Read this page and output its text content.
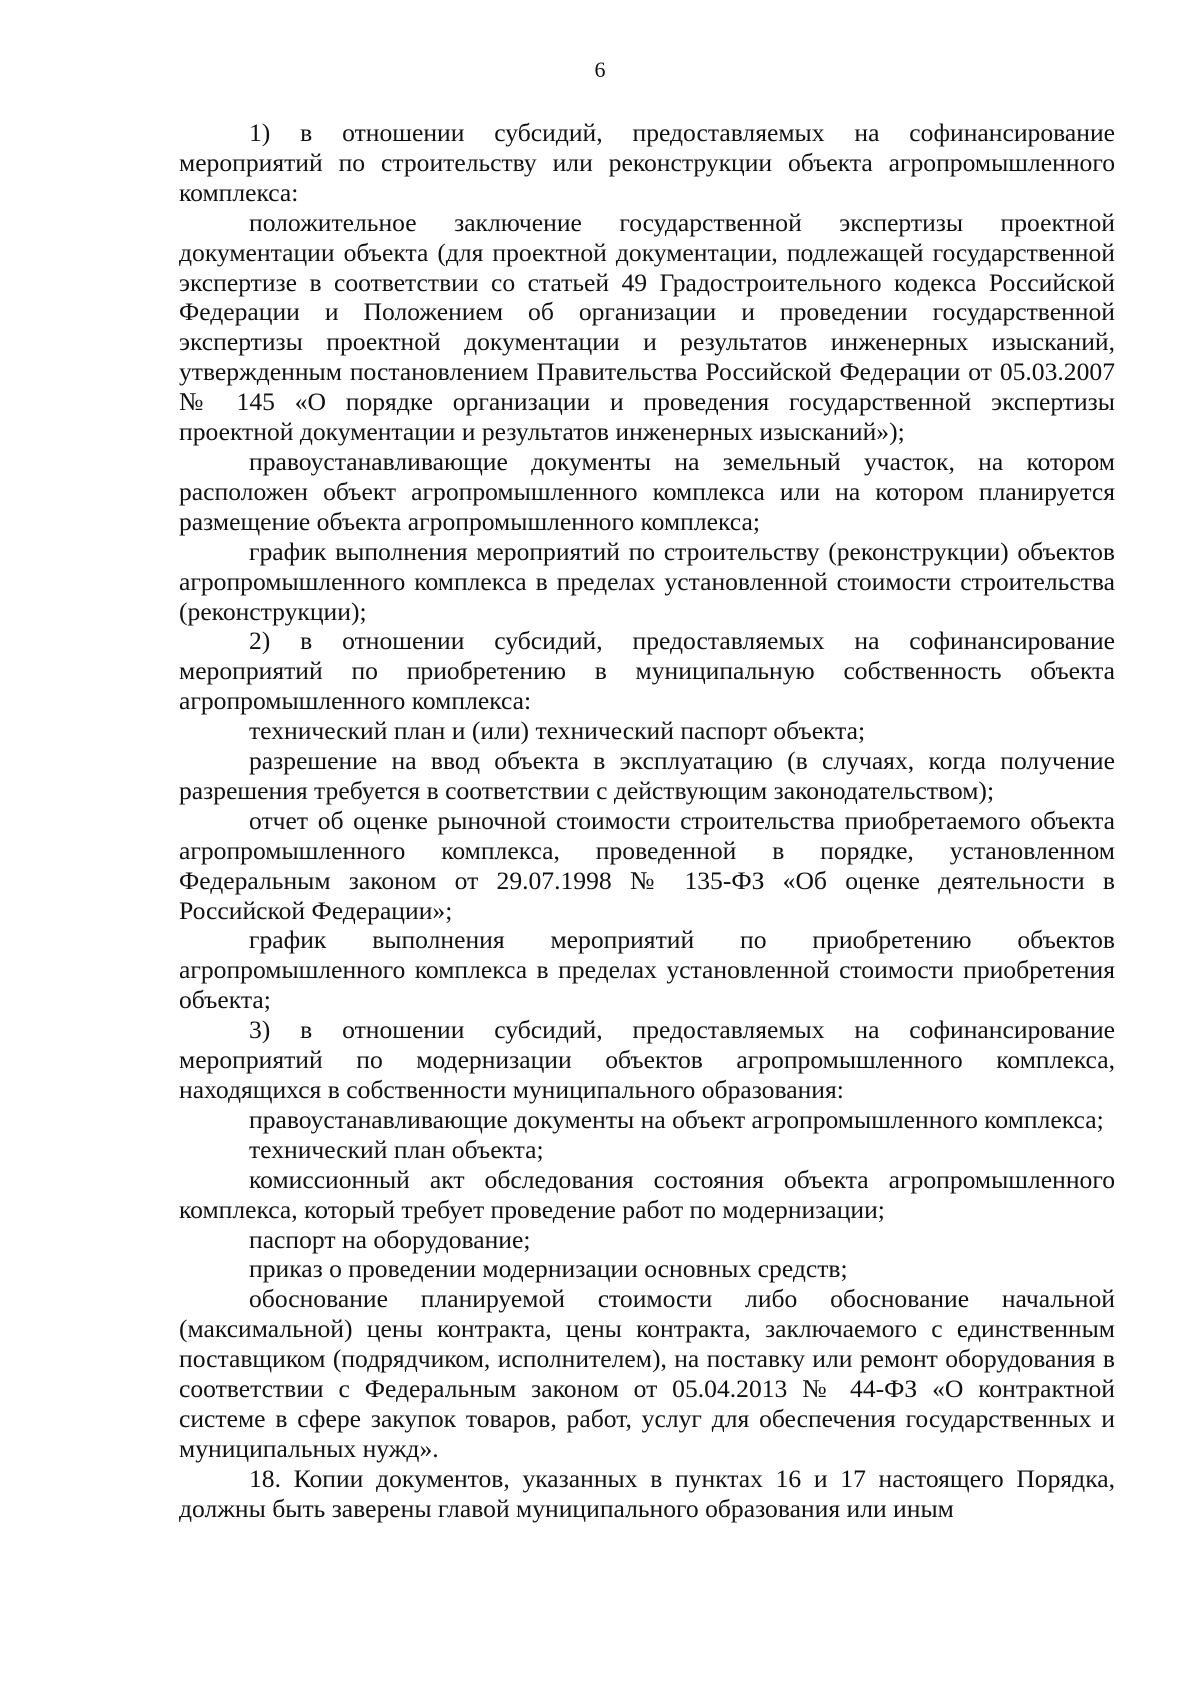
6

1) в отношении субсидий, предоставляемых на софинансирование мероприятий по строительству или реконструкции объекта агропромышленного комплекса:

положительное заключение государственной экспертизы проектной документации объекта (для проектной документации, подлежащей государственной экспертизе в соответствии со статьей 49 Градостроительного кодекса Российской Федерации и Положением об организации и проведении государственной экспертизы проектной документации и результатов инженерных изысканий, утвержденным постановлением Правительства Российской Федерации от 05.03.2007 № 145 «О порядке организации и проведения государственной экспертизы проектной документации и результатов инженерных изысканий»);

правоустанавливающие документы на земельный участок, на котором расположен объект агропромышленного комплекса или на котором планируется размещение объекта агропромышленного комплекса;

график выполнения мероприятий по строительству (реконструкции) объектов агропромышленного комплекса в пределах установленной стоимости строительства (реконструкции);

2) в отношении субсидий, предоставляемых на софинансирование мероприятий по приобретению в муниципальную собственность объекта агропромышленного комплекса:

технический план и (или) технический паспорт объекта;

разрешение на ввод объекта в эксплуатацию (в случаях, когда получение разрешения требуется в соответствии с действующим законодательством);

отчет об оценке рыночной стоимости строительства приобретаемого объекта агропромышленного комплекса, проведенной в порядке, установленном Федеральным законом от 29.07.1998 № 135-ФЗ «Об оценке деятельности в Российской Федерации»;

график выполнения мероприятий по приобретению объектов агропромышленного комплекса в пределах установленной стоимости приобретения объекта;

3) в отношении субсидий, предоставляемых на софинансирование мероприятий по модернизации объектов агропромышленного комплекса, находящихся в собственности муниципального образования:

правоустанавливающие документы на объект агропромышленного комплекса;

технический план объекта;

комиссионный акт обследования состояния объекта агропромышленного комплекса, который требует проведение работ по модернизации;

паспорт на оборудование;

приказ о проведении модернизации основных средств;

обоснование планируемой стоимости либо обоснование начальной (максимальной) цены контракта, цены контракта, заключаемого с единственным поставщиком (подрядчиком, исполнителем), на поставку или ремонт оборудования в соответствии с Федеральным законом от 05.04.2013 № 44-ФЗ «О контрактной системе в сфере закупок товаров, работ, услуг для обеспечения государственных и муниципальных нужд».

18. Копии документов, указанных в пунктах 16 и 17 настоящего Порядка, должны быть заверены главой муниципального образования или иным
